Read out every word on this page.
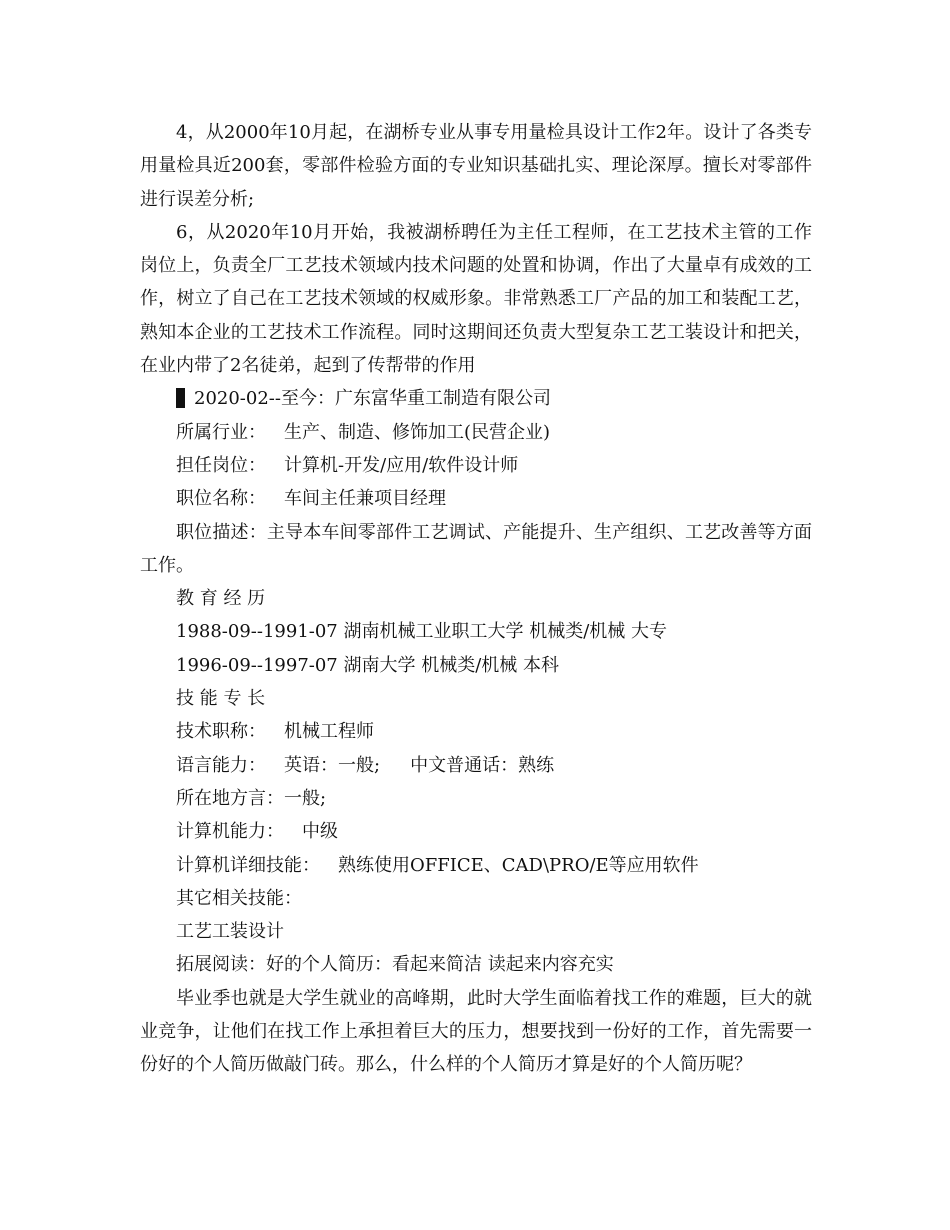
4，从2000年10月起，在湖桥专业从事专用量检具设计工作2年。设计了各类专用量检具近200套，零部件检验方面的专业知识基础扎实、理论深厚。擅长对零部件进行误差分析;

6，从2020年10月开始，我被湖桥聘任为主任工程师，在工艺技术主管的工作岗位上，负责全厂工艺技术领域内技术问题的处置和协调，作出了大量卓有成效的工作，树立了自己在工艺技术领域的权威形象。非常熟悉工厂产品的加工和装配工艺，熟知本企业的工艺技术工作流程。同时这期间还负责大型复杂工艺工装设计和把关，在业内带了2名徒弟，起到了传帮带的作用

2020-02--至今：广东富华重工制造有限公司

所属行业： 生产、制造、修饰加工(民营企业)

担任岗位： 计算机-开发/应用/软件设计师

职位名称： 车间主任兼项目经理

职位描述：主导本车间零部件工艺调试、产能提升、生产组织、工艺改善等方面工作。

教 育 经 历

1988-09--1991-07 湖南机械工业职工大学 机械类/机械 大专

1996-09--1997-07 湖南大学 机械类/机械 本科

技 能 专 长

技术职称： 机械工程师

语言能力： 英语：一般; 中文普通话：熟练

所在地方言：一般;

计算机能力： 中级

计算机详细技能： 熟练使用OFFICE、CAD\PRO/E等应用软件

其它相关技能：

工艺工装设计

拓展阅读：好的个人简历：看起来简洁 读起来内容充实

毕业季也就是大学生就业的高峰期，此时大学生面临着找工作的难题，巨大的就业竞争，让他们在找工作上承担着巨大的压力，想要找到一份好的工作，首先需要一份好的个人简历做敲门砖。那么，什么样的个人简历才算是好的个人简历呢？
